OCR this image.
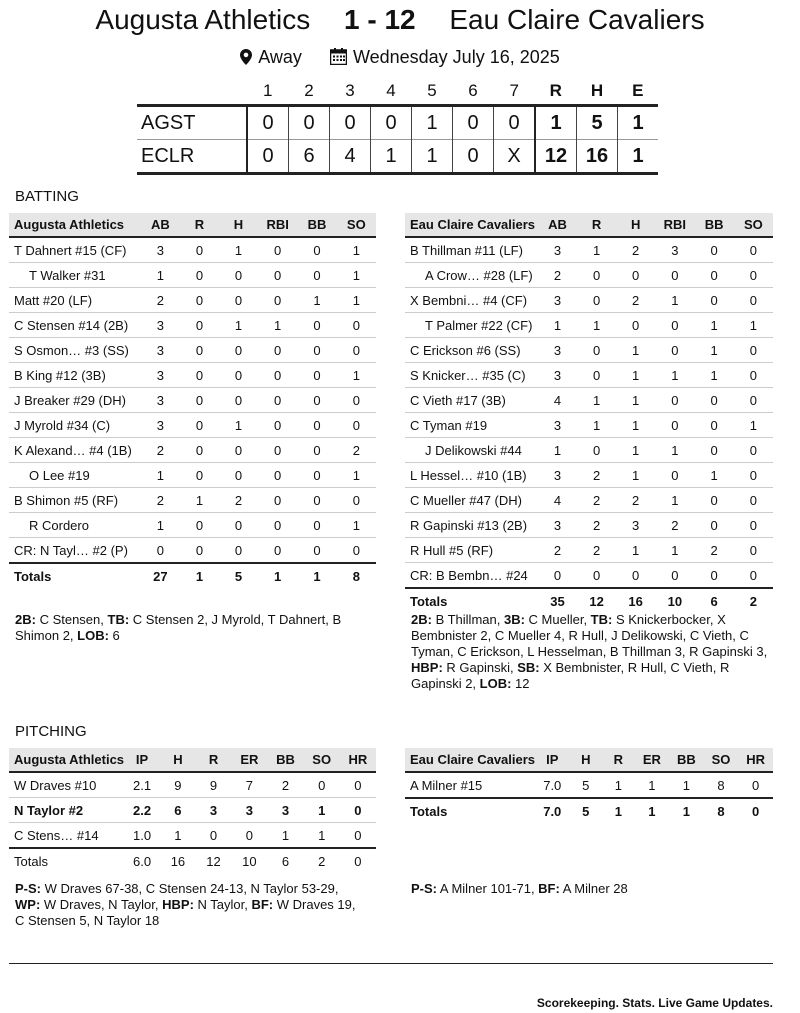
Augusta Athletics 1 - 12 Eau Claire Cavaliers
Away	Wednesday July 16, 2025
	1	2	3	4	5	6	7	R	H	E
AGST	0	0	0	0	1	0	0	1	5	1
ECLR	0	6	4	1	1	0	X	12	16	1
BATTING
Augusta Athletics	AB	R	H	RBI	BB	SO
T Dahnert #15 (CF)	3	0	1	0	0	1
T Walker #31	1	0	0	0	0	1
Matt #20 (LF)	2	0	0	0	1	1
C Stensen #14 (2B)	3	0	1	1	0	0
S Osmon… #3 (SS)	3	0	0	0	0	0
B King #12 (3B)	3	0	0	0	0	1
J Breaker #29 (DH)	3	0	0	0	0	0
J Myrold #34 (C)	3	0	1	0	0	0
K Alexand… #4 (1B)	2	0	0	0	0	2
O Lee #19	1	0	0	0	0	1
B Shimon #5 (RF)	2	1	2	0	0	0
R Cordero	1	0	0	0	0	1
CR: N Tayl… #2 (P)	0	0	0	0	0	0
Totals	27	1	5	1	1	8
Eau Claire Cavaliers	AB	R	H	RBI	BB	SO
B Thillman #11 (LF)	3	1	2	3	0	0
A Crow… #28 (LF)	2	0	0	0	0	0
X Bembni… #4 (CF)	3	0	2	1	0	0
T Palmer #22 (CF)	1	1	0	0	1	1
C Erickson #6 (SS)	3	0	1	0	1	0
S Knicker… #35 (C)	3	0	1	1	1	0
C Vieth #17 (3B)	4	1	1	0	0	0
C Tyman #19	3	1	1	0	0	1
J Delikowski #44	1	0	1	1	0	0
L Hessel… #10 (1B)	3	2	1	0	1	0
C Mueller #47 (DH)	4	2	2	1	0	0
R Gapinski #13 (2B)	3	2	3	2	0	0
R Hull #5 (RF)	2	2	1	1	2	0
CR: B Bembn… #24	0	0	0	0	0	0
Totals	35	12	16	10	6	2
2B: C Stensen, TB: C Stensen 2, J Myrold, T Dahnert, B Shimon 2, LOB: 6
2B: B Thillman, 3B: C Mueller, TB: S Knickerbocker, X Bembnister 2, C Mueller 4, R Hull, J Delikowski, C Vieth, C Tyman, C Erickson, L Hesselman, B Thillman 3, R Gapinski 3, HBP: R Gapinski, SB: X Bembnister, R Hull, C Vieth, R Gapinski 2, LOB: 12
PITCHING
Augusta Athletics	IP	H	R	ER	BB	SO	HR
W Draves #10	2.1	9	9	7	2	0	0
N Taylor #2	2.2	6	3	3	3	1	0
C Stens… #14	1.0	1	0	0	1	1	0
Totals	6.0	16	12	10	6	2	0
Eau Claire Cavaliers	IP	H	R	ER	BB	SO	HR
A Milner #15	7.0	5	1	1	1	8	0
Totals	7.0	5	1	1	1	8	0
P-S: W Draves 67-38, C Stensen 24-13, N Taylor 53-29, WP: W Draves, N Taylor, HBP: N Taylor, BF: W Draves 19, C Stensen 5, N Taylor 18
P-S: A Milner 101-71, BF: A Milner 28
Scorekeeping. Stats. Live Game Updates.
